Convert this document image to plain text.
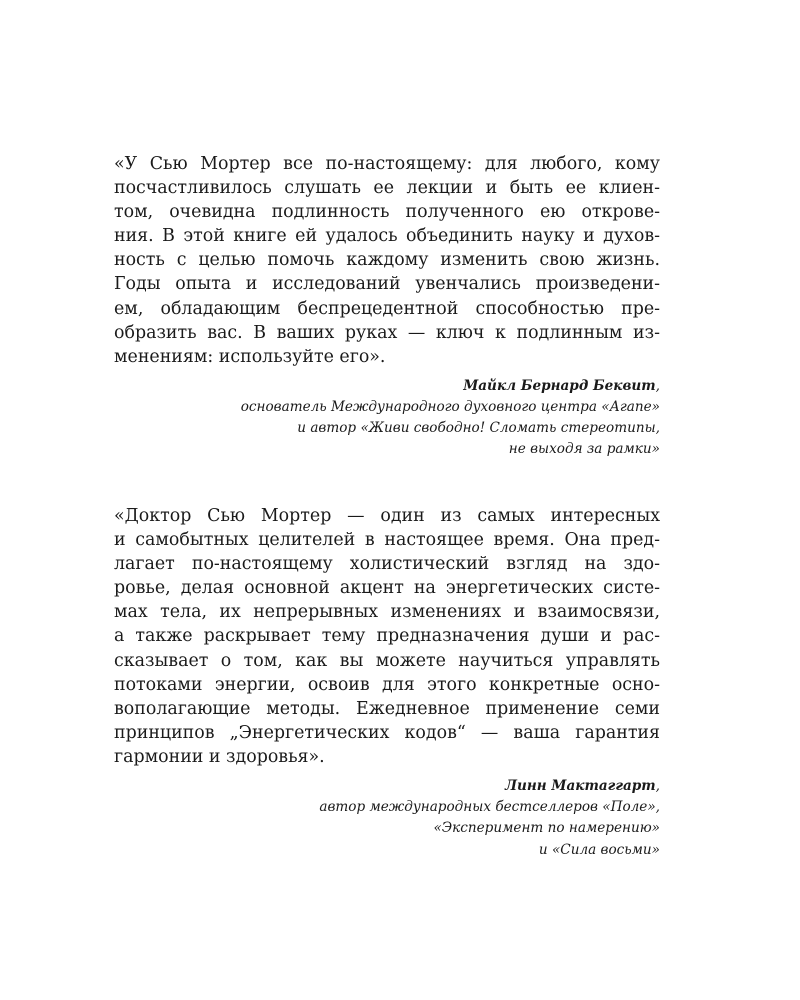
«У Сью Мортер все по-настоящему: для любого, кому
посчастливилось слушать ее лекции и быть ее клиен-
том, очевидна подлинность полученного ею открове-
ния. В этой книге ей удалось объединить науку и духов-
ность с целью помочь каждому изменить свою жизнь.
Годы опыта и исследований увенчались произведени-
ем, обладающим беспрецедентной способностью пре-
образить вас. В ваших руках — ключ к подлинным из-
менениям: используйте его».
Майкл Бернард Беквит,
основатель Международного духовного центра «Агапе»
и автор «Живи свободно! Сломать стереотипы,
не выходя за рамки»
«Доктор Сью Мортер — один из самых интересных
и самобытных целителей в настоящее время. Она пред-
лагает по-настоящему холистический взгляд на здо-
ровье, делая основной акцент на энергетических систе-
мах тела, их непрерывных изменениях и взаимосвязи,
а также раскрывает тему предназначения души и рас-
сказывает о том, как вы можете научиться управлять
потоками энергии, освоив для этого конкретные осно-
вополагающие методы. Ежедневное применение семи
принципов „Энергетических кодов“ — ваша гарантия
гармонии и здоровья».
Линн Мактаггарт,
автор международных бестселлеров «Поле»,
«Эксперимент по намерению»
и «Сила восьми»
